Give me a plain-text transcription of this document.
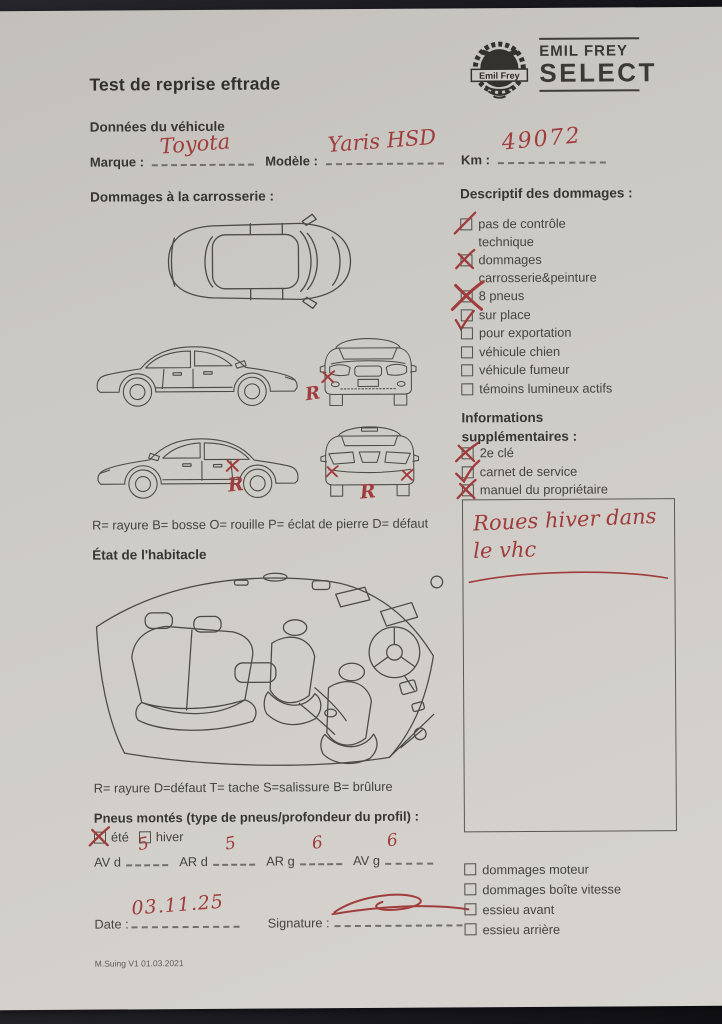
Test de reprise eftrade	Emil Frey
EMIL FREY
SELECT
Données du véhicule
Marque :
Toyota
Modèle :
Yaris HSD
Km :
49072
Dommages à la carrosserie :
R
R	R
R= rayure B= bosse O= rouille P= éclat de pierre D= défaut
État de l'habitacle
R= rayure D=défaut T= tache S=salissure B= brûlure
Pneus montés (type de pneus/profondeur du profil) :
été hiver
AV d
5
AR d
5
AR g
6
AV g
6
Date :
03.11.25
Signature :
M.Suing V1 01.03.2021
Descriptif des dommages :
pas de contrôle technique
dommages carrosserie&peinture
8 pneus
sur place
pour exportation
véhicule chien
véhicule fumeur
témoins lumineux actifs
Informations supplémentaires :
2e clé
carnet de service
manuel du propriétaire
Roues hiver dans
le vhc
dommages moteur
dommages boîte vitesse
essieu avant
essieu arrière
